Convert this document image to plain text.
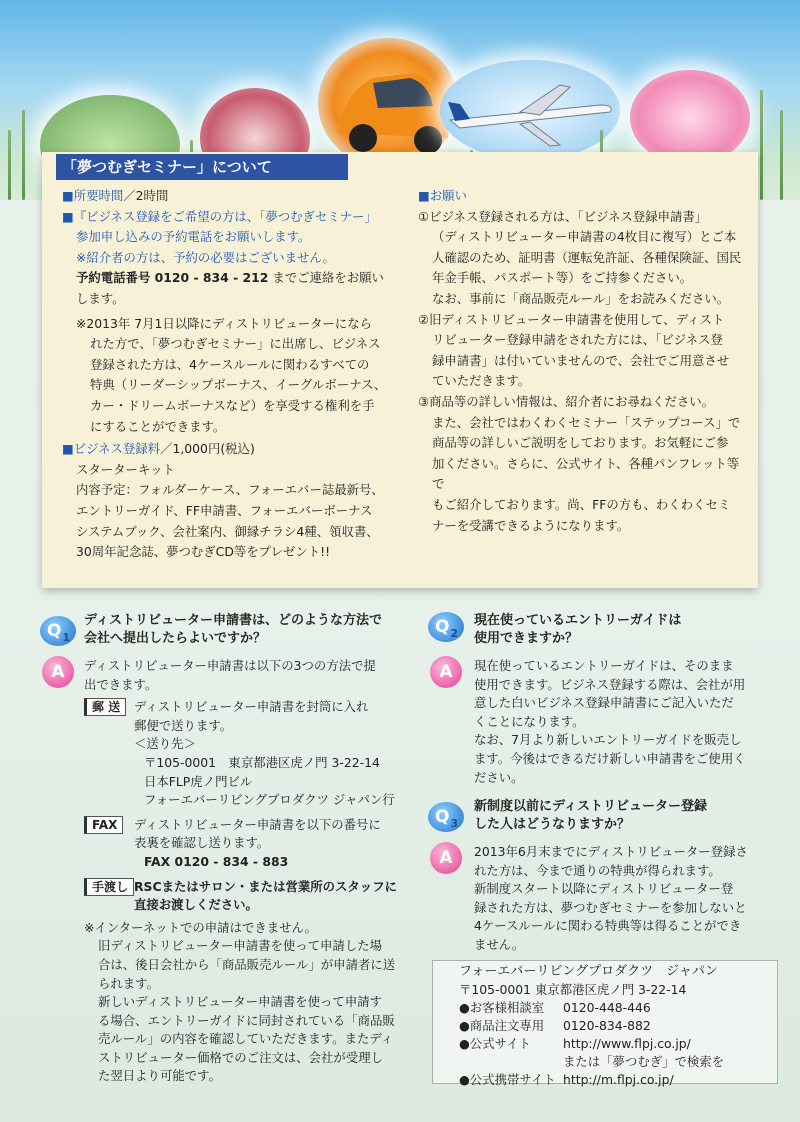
「夢つむぎセミナー」について
■所要時間／2時間
■『ビジネス登録をご希望の方は、「夢つむぎセミナー」
参加申し込みの予約電話をお願いします。
※紹介者の方は、予約の必要はございません。
予約電話番号 0120 - 834 - 212 までご連絡をお願い
します。
※2013年 7月1日以降にディストリビューターになら
れた方で、「夢つむぎセミナー」に出席し、ビジネス
登録された方は、4ケースルールに関わるすべての
特典（リーダーシップボーナス、イーグルボーナス、
カー・ドリームボーナスなど）を享受する権利を手
にすることができます。
■ビジネス登録料／1,000円(税込)
スターターキット
内容予定：フォルダーケース、フォーエバー誌最新号、
エントリーガイド、FF申請書、フォーエバーボーナス
システムブック、会社案内、御縁チラシ4種、領収書、
30周年記念誌、夢つむぎCD等をプレゼント!!
■お願い
①ビジネス登録される方は、「ビジネス登録申請書」
（ディストリビューター申請書の4枚目に複写）とご本
人確認のため、証明書（運転免許証、各種保険証、国民
年金手帳、パスポート等）をご持参ください。
なお、事前に「商品販売ルール」をお読みください。
②旧ディストリビューター申請書を使用して、ディスト
リビューター登録申請をされた方には、「ビジネス登
録申請書」は付いていませんので、会社でご用意させ
ていただきます。
③商品等の詳しい情報は、紹介者にお尋ねください。
また、会社ではわくわくセミナー「ステップコース」で
商品等の詳しいご説明をしております。お気軽にご参
加ください。さらに、公式サイト、各種パンフレット等で
もご紹介しております。尚、FFの方も、わくわくセミ
ナーを受講できるようになります。
$Q_1$
ディストリビューター申請書は、どのような方法で
会社へ提出したらよいですか？
A	ディストリビューター申請書は以下の3つの方法で提
出できます。
郵 送	ディストリビューター申請書を封筒に入れ
郵便で送ります。
＜送り先＞
〒105-0001　東京都港区虎ノ門 3-22-14
日本FLP虎ノ門ビル
フォーエバーリビングプロダクツ ジャパン行
FAX	ディストリビューター申請書を以下の番号に
表裏を確認し送ります。
FAX 0120 - 834 - 883
手渡し RSCまたはサロン・または営業所のスタッフに
直接お渡しください。
※インターネットでの申請はできません。
旧ディストリビューター申請書を使って申請した場
合は、後日会社から「商品販売ルール」が申請者に送
られます。
新しいディストリビューター申請書を使って申請す
る場合、エントリーガイドに同封されている「商品販
売ルール」の内容を確認していただきます。またディ
ストリビューター価格でのご注文は、会社が受理し
た翌日より可能です。
$Q_2$
現在使っているエントリーガイドは
使用できますか？
A	現在使っているエントリーガイドは、そのまま
使用できます。ビジネス登録する際は、会社が用
意した白いビジネス登録申請書にご記入いただ
くことになります。
なお、7月より新しいエントリーガイドを販売し
ます。今後はできるだけ新しい申請書をご使用く
ださい。
$Q_3$
新制度以前にディストリビューター登録
した人はどうなりますか？
A	2013年6月末までにディストリビューター登録さ
れた方は、今まで通りの特典が得られます。
新制度スタート以降にディストリビューター登
録された方は、夢つむぎセミナーを参加しないと
4ケースルールに関わる特典等は得ることができ
ません。
フォーエバーリビングプロダクツ　ジャパン
〒105-0001 東京都港区虎ノ門 3-22-14
●お客様相談室 0120-448-446
●商品注文専用 0120-834-882
●公式サイト	http://www.flpj.co.jp/
または「夢つむぎ」で検索を
●公式携帯サイト http://m.flpj.co.jp/
